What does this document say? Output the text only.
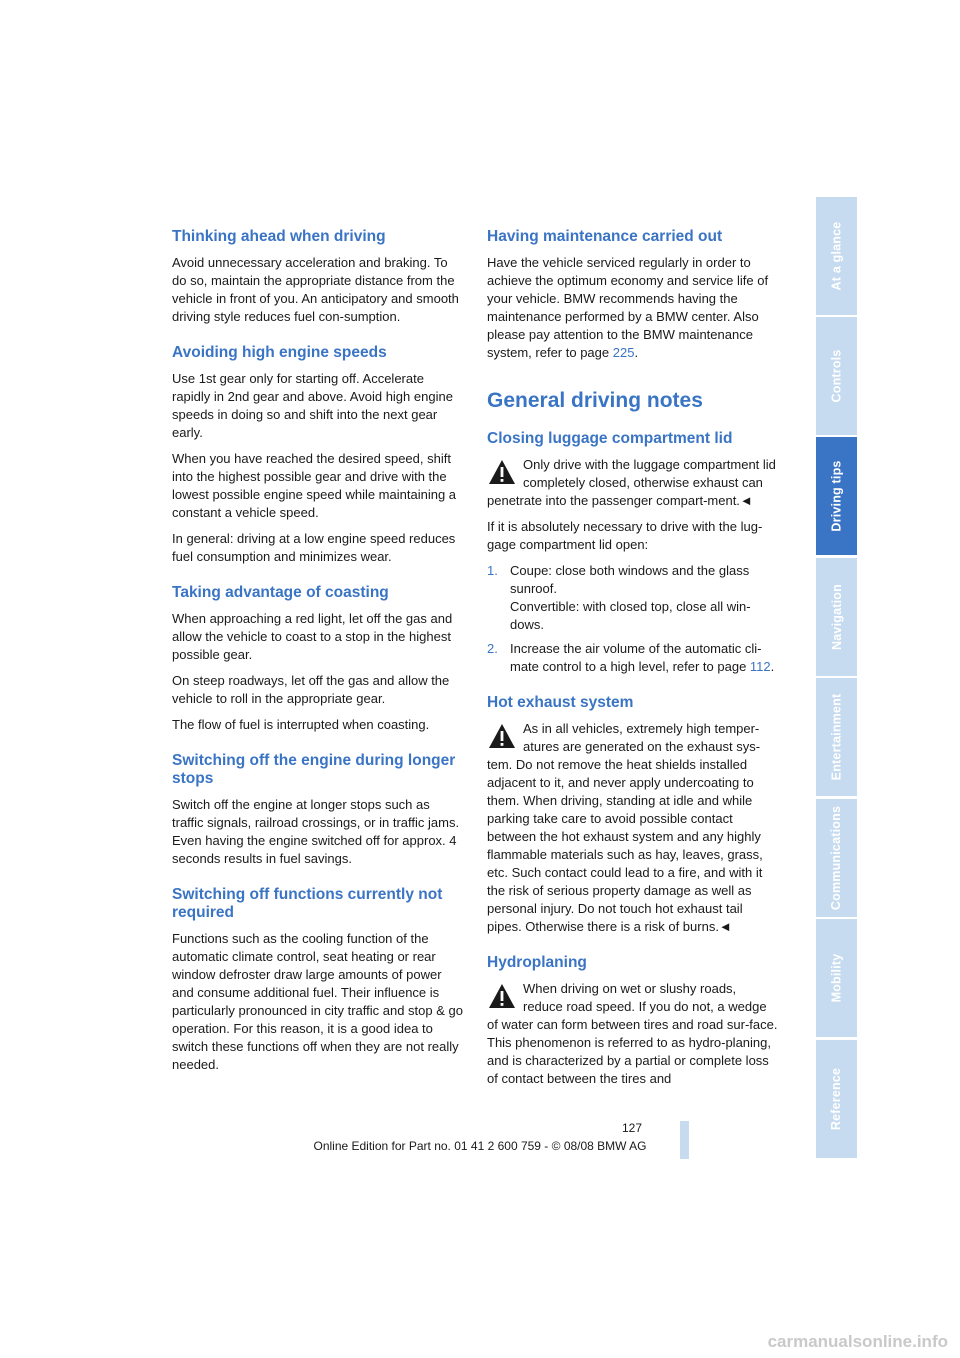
Thinking ahead when driving

Avoid unnecessary acceleration and braking. To do so, maintain the appropriate distance from the vehicle in front of you. An anticipatory and smooth driving style reduces fuel con-sumption.

Avoiding high engine speeds

Use 1st gear only for starting off. Accelerate rapidly in 2nd gear and above. Avoid high engine speeds in doing so and shift into the next gear early.

When you have reached the desired speed, shift into the highest possible gear and drive with the lowest possible engine speed while maintaining a constant a vehicle speed.

In general: driving at a low engine speed reduces fuel consumption and minimizes wear.

Taking advantage of coasting

When approaching a red light, let off the gas and allow the vehicle to coast to a stop in the highest possible gear.

On steep roadways, let off the gas and allow the vehicle to roll in the appropriate gear.

The flow of fuel is interrupted when coasting.

Switching off the engine during longer stops

Switch off the engine at longer stops such as traffic signals, railroad crossings, or in traffic jams. Even having the engine switched off for approx. 4 seconds results in fuel savings.

Switching off functions currently not required

Functions such as the cooling function of the automatic climate control, seat heating or rear window defroster draw large amounts of power and consume additional fuel. Their influence is particularly pronounced in city traffic and stop & go operation. For this reason, it is a good idea to switch these functions off when they are not really needed.

Having maintenance carried out

Have the vehicle serviced regularly in order to achieve the optimum economy and service life of your vehicle. BMW recommends having the maintenance performed by a BMW center. Also please pay attention to the BMW maintenance system, refer to page 225.

General driving notes
Closing luggage compartment lid
Only drive with the luggage compartment lid completely closed, otherwise exhaust can penetrate into the passenger compart-ment.◄

If it is absolutely necessary to drive with the lug-gage compartment lid open:

1. Coupe: close both windows and the glass sunroof.
Convertible: with closed top, close all win-dows.
2. Increase the air volume of the automatic cli-mate control to a high level, refer to page 112.
Hot exhaust system
As in all vehicles, extremely high temper-atures are generated on the exhaust sys-tem. Do not remove the heat shields installed adjacent to it, and never apply undercoating to them. When driving, standing at idle and while parking take care to avoid possible contact between the hot exhaust system and any highly flammable materials such as hay, leaves, grass, etc. Such contact could lead to a fire, and with it the risk of serious property damage as well as personal injury. Do not touch hot exhaust tail pipes. Otherwise there is a risk of burns.◄
Hydroplaning
When driving on wet or slushy roads, reduce road speed. If you do not, a wedge of water can form between tires and road sur-face. This phenomenon is referred to as hydro-planing, and is characterized by a partial or complete loss of contact between the tires and
At a glance
Controls
Driving tips
Navigation
Entertainment
Communications
Mobility
Reference
127
Online Edition for Part no. 01 41 2 600 759 - © 08/08 BMW AG
carmanualsonline.info
